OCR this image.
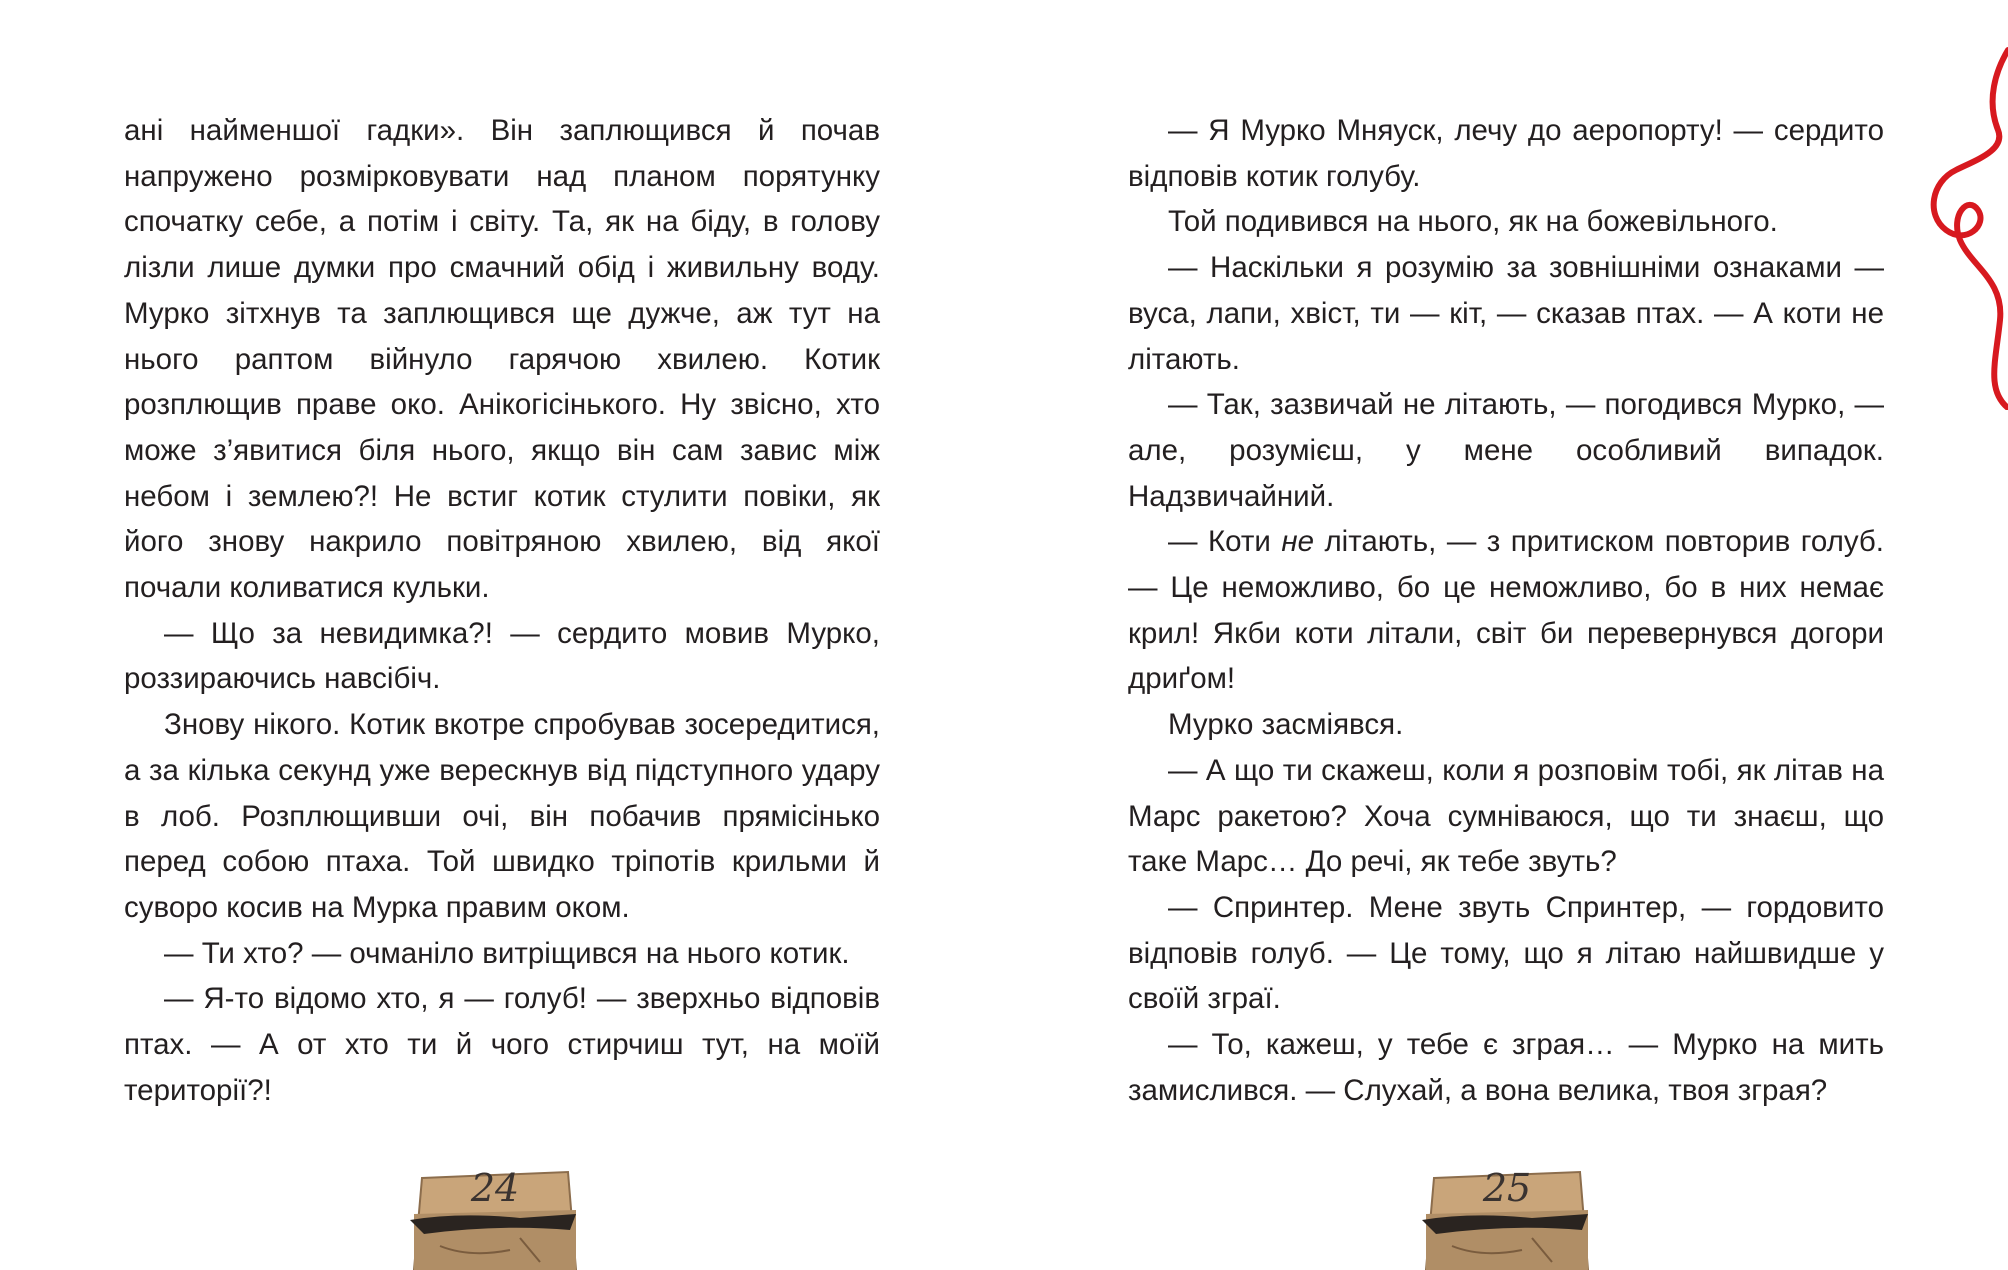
ані найменшої гадки». Він заплющився й почав напружено розмірковувати над планом порятунку спочатку себе, а потім і світу. Та, як на біду, в голову лізли лише думки про смачний обід і живильну воду. Мурко зітхнув та заплющився ще дужче, аж тут на нього раптом війнуло гарячою хвилею. Котик розплющив праве око. Анікогісінького. Ну звісно, хто може з’явитися біля нього, якщо він сам завис між небом і землею?! Не встиг котик стулити повіки, як його знову накрило повітряною хвилею, від якої почали коливатися кульки.

— Що за невидимка?! — сердито мовив Мурко, роззираючись навсібіч.

Знову нікого. Котик вкотре спробував зосередитися, а за кілька секунд уже верескнув від підступного удару в лоб. Розплющивши очі, він побачив прямісінько перед собою птаха. Той швидко тріпотів крильми й суворо косив на Мурка правим оком.

— Ти хто? — очманіло витріщився на нього котик.

— Я-то відомо хто, я — голуб! — зверхньо відповів птах. — А от хто ти й чого стирчиш тут, на моїй території?!

24

— Я Мурко Мняуск, лечу до аеропорту! — сердито відповів котик голубу.

Той подивився на нього, як на божевільного.

— Наскільки я розумію за зовнішніми ознаками — вуса, лапи, хвіст, ти — кіт, — сказав птах. — А коти не літають.

— Так, зазвичай не літають, — погодився Мурко, — але, розумієш, у мене особливий випадок. Надзвичайний.

— Коти не літають, — з притиском повторив голуб. — Це неможливо, бо це неможливо, бо в них немає крил! Якби коти літали, світ би перевернувся догори дриґом!

Мурко засміявся.

— А що ти скажеш, коли я розповім тобі, як літав на Марс ракетою? Хоча сумніваюся, що ти знаєш, що таке Марс… До речі, як тебе звуть?

— Спринтер. Мене звуть Спринтер, — гордовито відповів голуб. — Це тому, що я літаю найшвидше у своїй зграї.

— То, кажеш, у тебе є зграя… — Мурко на мить замислився. — Слухай, а вона велика, твоя зграя?

25
